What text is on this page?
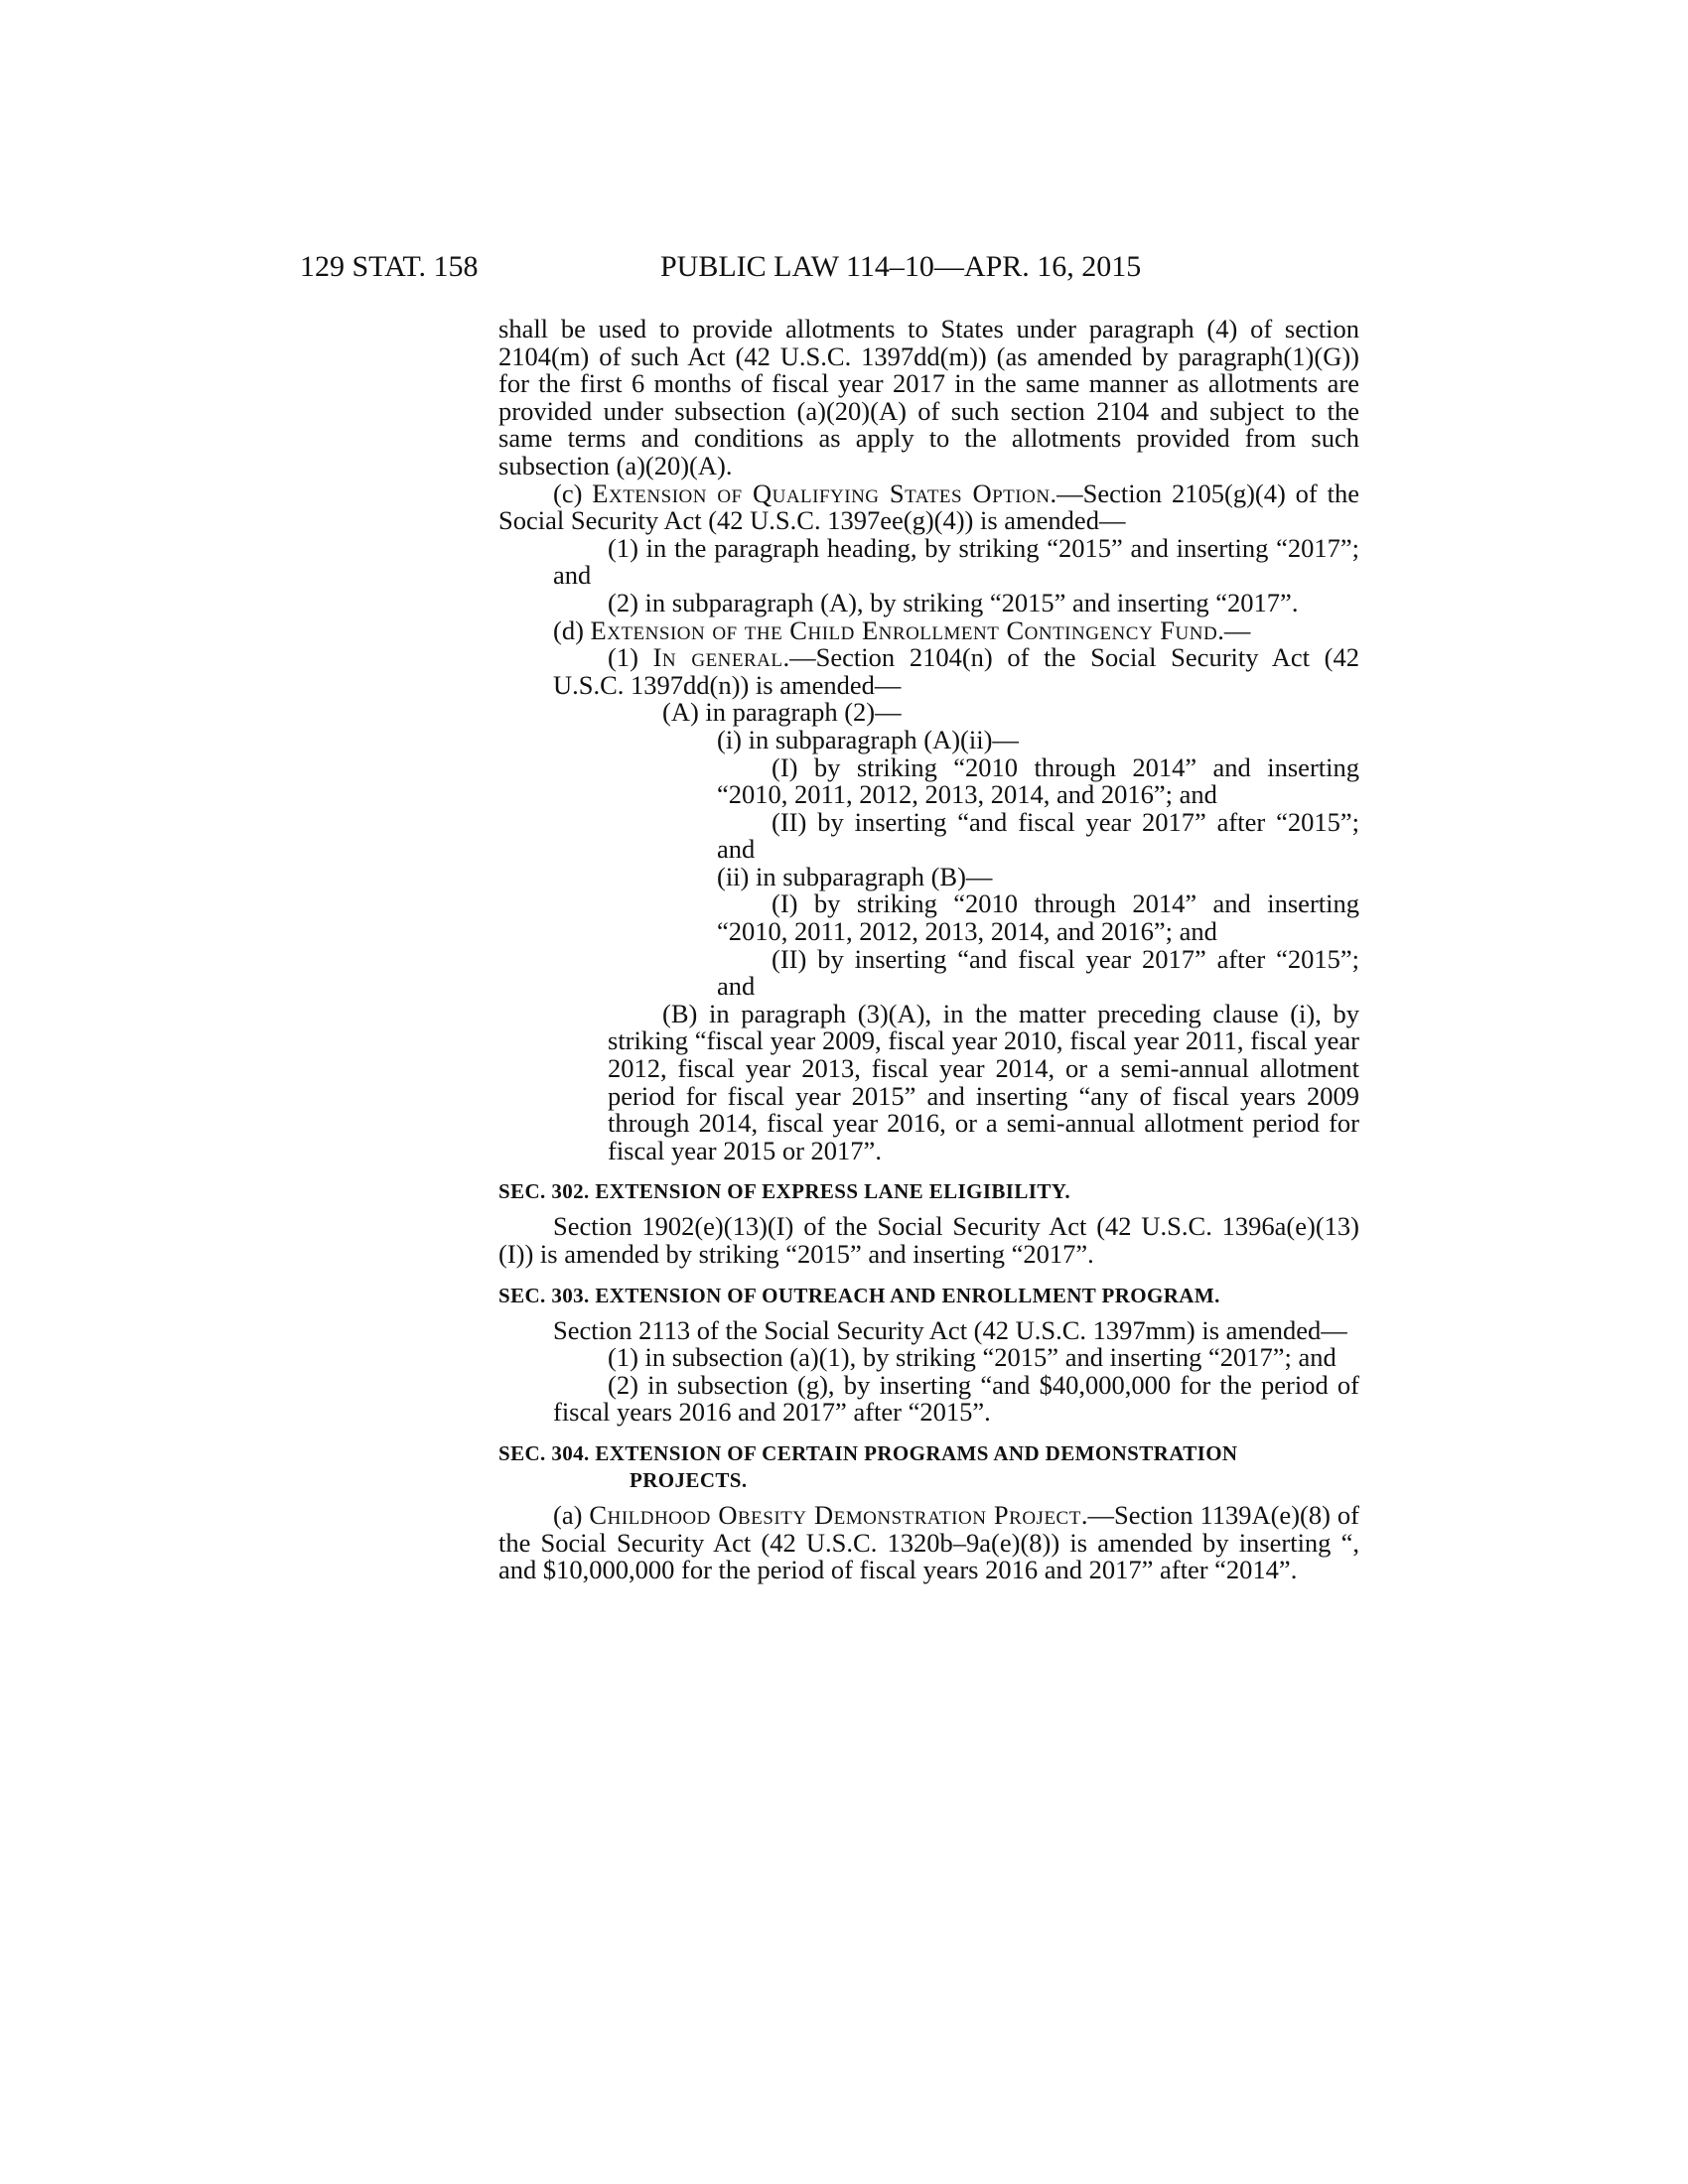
129 STAT. 158	PUBLIC LAW 114–10—APR. 16, 2015

shall be used to provide allotments to States under paragraph (4) of section 2104(m) of such Act (42 U.S.C. 1397dd(m)) (as amended by paragraph(1)(G)) for the first 6 months of fiscal year 2017 in the same manner as allotments are provided under subsection (a)(20)(A) of such section 2104 and subject to the same terms and conditions as apply to the allotments provided from such subsection (a)(20)(A).

(c) Extension of Qualifying States Option.—Section 2105(g)(4) of the Social Security Act (42 U.S.C. 1397ee(g)(4)) is amended—

(1) in the paragraph heading, by striking “2015” and inserting “2017”; and

(2) in subparagraph (A), by striking “2015” and inserting “2017”.

(d) Extension of the Child Enrollment Contingency Fund.—

(1) In general.—Section 2104(n) of the Social Security Act (42 U.S.C. 1397dd(n)) is amended—

(A) in paragraph (2)—

(i) in subparagraph (A)(ii)—

(I) by striking “2010 through 2014” and inserting “2010, 2011, 2012, 2013, 2014, and 2016”; and

(II) by inserting “and fiscal year 2017” after “2015”; and

(ii) in subparagraph (B)—

(I) by striking “2010 through 2014” and inserting “2010, 2011, 2012, 2013, 2014, and 2016”; and

(II) by inserting “and fiscal year 2017” after “2015”; and

(B) in paragraph (3)(A), in the matter preceding clause (i), by striking “fiscal year 2009, fiscal year 2010, fiscal year 2011, fiscal year 2012, fiscal year 2013, fiscal year 2014, or a semi-annual allotment period for fiscal year 2015” and inserting “any of fiscal years 2009 through 2014, fiscal year 2016, or a semi-annual allotment period for fiscal year 2015 or 2017”.

SEC. 302. EXTENSION OF EXPRESS LANE ELIGIBILITY.

Section 1902(e)(13)(I) of the Social Security Act (42 U.S.C. 1396a(e)(13)(I)) is amended by striking “2015” and inserting “2017”.

SEC. 303. EXTENSION OF OUTREACH AND ENROLLMENT PROGRAM.

Section 2113 of the Social Security Act (42 U.S.C. 1397mm) is amended—

(1) in subsection (a)(1), by striking “2015” and inserting “2017”; and

(2) in subsection (g), by inserting “and $40,000,000 for the period of fiscal years 2016 and 2017” after “2015”.

SEC. 304. EXTENSION OF CERTAIN PROGRAMS AND DEMONSTRATION PROJECTS.

(a) Childhood Obesity Demonstration Project.—Section 1139A(e)(8) of the Social Security Act (42 U.S.C. 1320b–9a(e)(8)) is amended by inserting “, and $10,000,000 for the period of fiscal years 2016 and 2017” after “2014”.
